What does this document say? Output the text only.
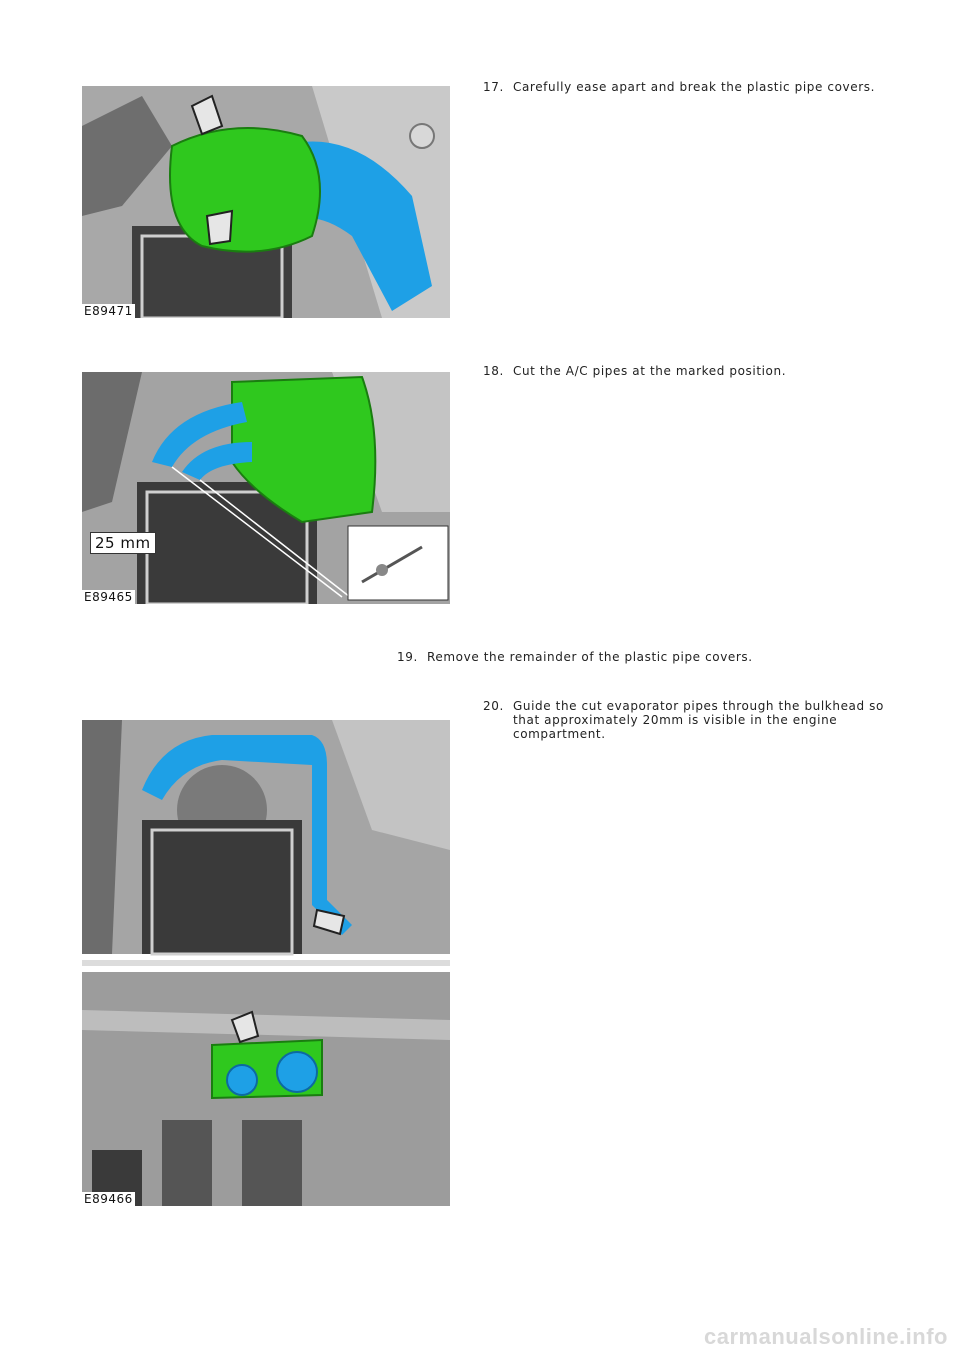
E89471
17. Carefully ease apart and break the plastic pipe covers.
25 mm
E89465
18. Cut the A/C pipes at the marked position.
19. Remove the remainder of the plastic pipe covers.
20. Guide the cut evaporator pipes through the bulkhead so that approximately 20mm is visible in the engine compartment.
E89466
carmanualsonline.info
